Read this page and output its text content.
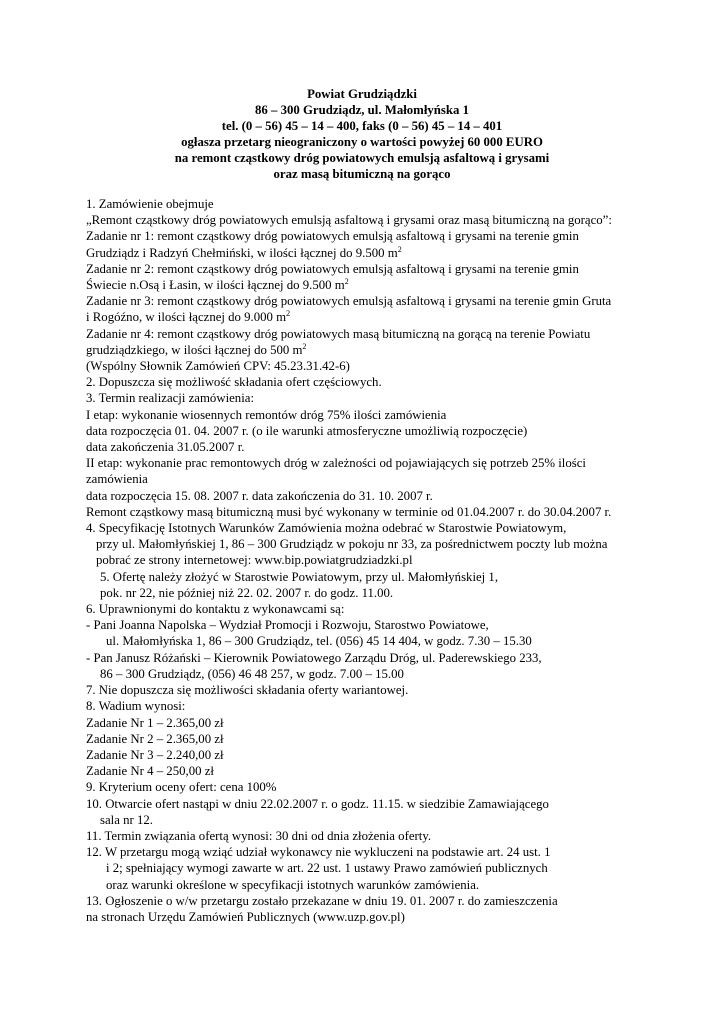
Powiat Grudziądzki
86 – 300 Grudziądz, ul. Małomłyńska 1
tel. (0 – 56) 45 – 14 – 400, faks (0 – 56) 45 – 14 – 401
ogłasza przetarg nieograniczony o wartości powyżej 60 000 EURO
na remont cząstkowy dróg powiatowych emulsją asfaltową i grysami
oraz masą bitumiczną na gorąco
1. Zamówienie obejmuje
„Remont cząstkowy dróg powiatowych emulsją asfaltową i grysami oraz masą bitumiczną na gorąco”:
Zadanie nr 1: remont cząstkowy dróg powiatowych emulsją asfaltową i grysami na terenie gmin
Grudziądz i Radzyń Chełmiński, w ilości łącznej do 9.500 $m^2$
Zadanie nr 2: remont cząstkowy dróg powiatowych emulsją asfaltową i grysami na terenie gmin
Świecie n.Osą i Łasin, w ilości łącznej do 9.500 $m^2$
Zadanie nr 3: remont cząstkowy dróg powiatowych emulsją asfaltową i grysami na terenie gmin Gruta
i Rogóźno, w ilości łącznej do 9.000 $m^2$
Zadanie nr 4: remont cząstkowy dróg powiatowych masą bitumiczną na gorącą na terenie Powiatu
grudziądzkiego, w ilości łącznej do 500 $m^2$
(Wspólny Słownik Zamówień CPV: 45.23.31.42-6)
2. Dopuszcza się możliwość składania ofert częściowych.
3. Termin realizacji zamówienia:
I etap: wykonanie wiosennych remontów dróg 75% ilości zamówienia
data rozpoczęcia 01. 04. 2007 r. (o ile warunki atmosferyczne umożliwią rozpoczęcie)
data zakończenia 31.05.2007 r.
II etap: wykonanie prac remontowych dróg w zależności od pojawiających się potrzeb 25% ilości
zamówienia
data rozpoczęcia 15. 08. 2007 r. data zakończenia do 31. 10. 2007 r.
Remont cząstkowy masą bitumiczną musi być wykonany w terminie od 01.04.2007 r. do 30.04.2007 r.
4. Specyfikację Istotnych Warunków Zamówienia można odebrać w Starostwie Powiatowym,
przy ul. Małomłyńskiej 1, 86 – 300 Grudziądz w pokoju nr 33, za pośrednictwem poczty lub można
pobrać ze strony internetowej: www.bip.powiatgrudziadzki.pl
5. Ofertę należy złożyć w Starostwie Powiatowym, przy ul. Małomłyńskiej 1,
pok. nr 22, nie później niż 22. 02. 2007 r. do godz. 11.00.
6. Uprawnionymi do kontaktu z wykonawcami są:
- Pani Joanna Napolska – Wydział Promocji i Rozwoju, Starostwo Powiatowe,
ul. Małomłyńska 1, 86 – 300 Grudziądz, tel. (056) 45 14 404, w godz. 7.30 – 15.30
- Pan Janusz Różański – Kierownik Powiatowego Zarządu Dróg, ul. Paderewskiego 233,
86 – 300 Grudziądz, (056) 46 48 257, w godz. 7.00 – 15.00
7. Nie dopuszcza się możliwości składania oferty wariantowej.
8. Wadium wynosi:
Zadanie Nr 1 – 2.365,00 zł
Zadanie Nr 2 – 2.365,00 zł
Zadanie Nr 3 – 2.240,00 zł
Zadanie Nr 4 – 250,00 zł
9. Kryterium oceny ofert: cena 100%
10. Otwarcie ofert nastąpi w dniu 22.02.2007 r. o godz. 11.15. w siedzibie Zamawiającego
sala nr 12.
11. Termin związania ofertą wynosi: 30 dni od dnia złożenia oferty.
12. W przetargu mogą wziąć udział wykonawcy nie wykluczeni na podstawie art. 24 ust. 1
i 2; spełniający wymogi zawarte w art. 22 ust. 1 ustawy Prawo zamówień publicznych
oraz warunki określone w specyfikacji istotnych warunków zamówienia.
13. Ogłoszenie o w/w przetargu zostało przekazane w dniu 19. 01. 2007 r. do zamieszczenia
na stronach Urzędu Zamówień Publicznych (www.uzp.gov.pl)
